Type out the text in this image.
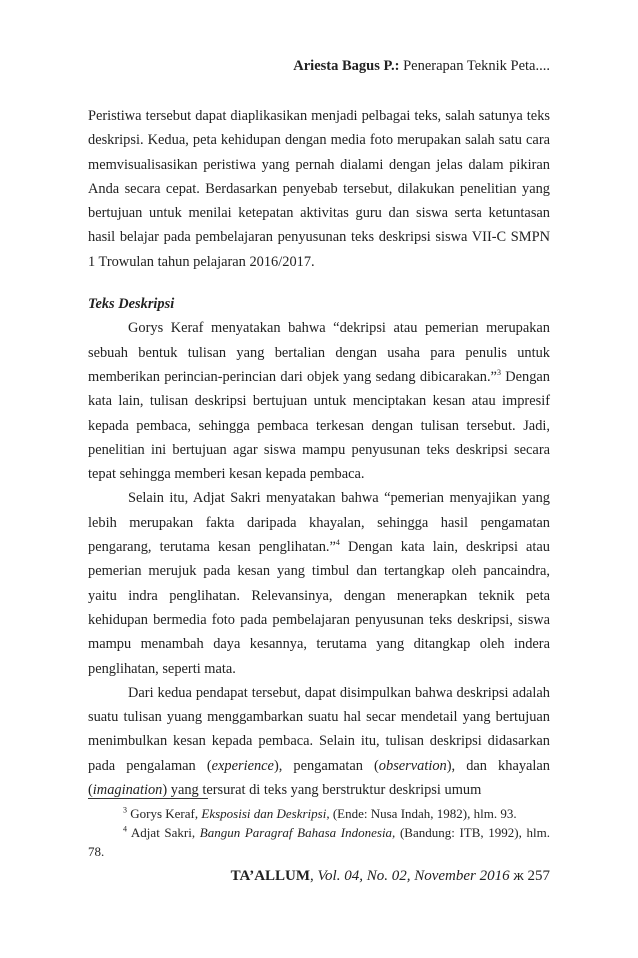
Ariesta Bagus P.: Penerapan Teknik Peta....

Peristiwa tersebut dapat diaplikasikan menjadi pelbagai teks, salah satunya teks deskripsi. Kedua, peta kehidupan dengan media foto merupakan salah satu cara memvisualisasikan peristiwa yang pernah dialami dengan jelas dalam pikiran Anda secara cepat. Berdasarkan penyebab tersebut, dilakukan penelitian yang bertujuan untuk menilai ketepatan aktivitas guru dan siswa serta ketuntasan hasil belajar pada pembelajaran penyusunan teks deskripsi siswa VII-C SMPN 1 Trowulan tahun pelajaran 2016/2017.

Teks Deskripsi

Gorys Keraf menyatakan bahwa “dekripsi atau pemerian merupakan sebuah bentuk tulisan yang bertalian dengan usaha para penulis untuk memberikan perincian-perincian dari objek yang sedang dibicarakan.”$^3$ Dengan kata lain, tulisan deskripsi bertujuan untuk menciptakan kesan atau impresif kepada pembaca, sehingga pembaca terkesan dengan tulisan tersebut. Jadi, penelitian ini bertujuan agar siswa mampu penyusunan teks deskripsi secara tepat sehingga memberi kesan kepada pembaca.

Selain itu, Adjat Sakri menyatakan bahwa “pemerian menyajikan yang lebih merupakan fakta daripada khayalan, sehingga hasil pengamatan pengarang, terutama kesan penglihatan.”$^4$ Dengan kata lain, deskripsi atau pemerian merujuk pada kesan yang timbul dan tertangkap oleh pancaindra, yaitu indra penglihatan. Relevansinya, dengan menerapkan teknik peta kehidupan bermedia foto pada pembelajaran penyusunan teks deskripsi, siswa mampu menambah daya kesannya, terutama yang ditangkap oleh indera penglihatan, seperti mata.

Dari kedua pendapat tersebut, dapat disimpulkan bahwa deskripsi adalah suatu tulisan yuang menggambarkan suatu hal secar mendetail yang bertujuan menimbulkan kesan kepada pembaca. Selain itu, tulisan deskripsi didasarkan pada pengalaman (experience), pengamatan (observation), dan khayalan (imagination) yang tersurat di teks yang berstruktur deskripsi umum

$^3$ Gorys Keraf, Eksposisi dan Deskripsi, (Ende: Nusa Indah, 1982), hlm. 93.

$^4$ Adjat Sakri, Bangun Paragraf Bahasa Indonesia, (Bandung: ITB, 1992), hlm. 78.

TA’ALLUM, Vol. 04, No. 02, November 2016 ж 257
